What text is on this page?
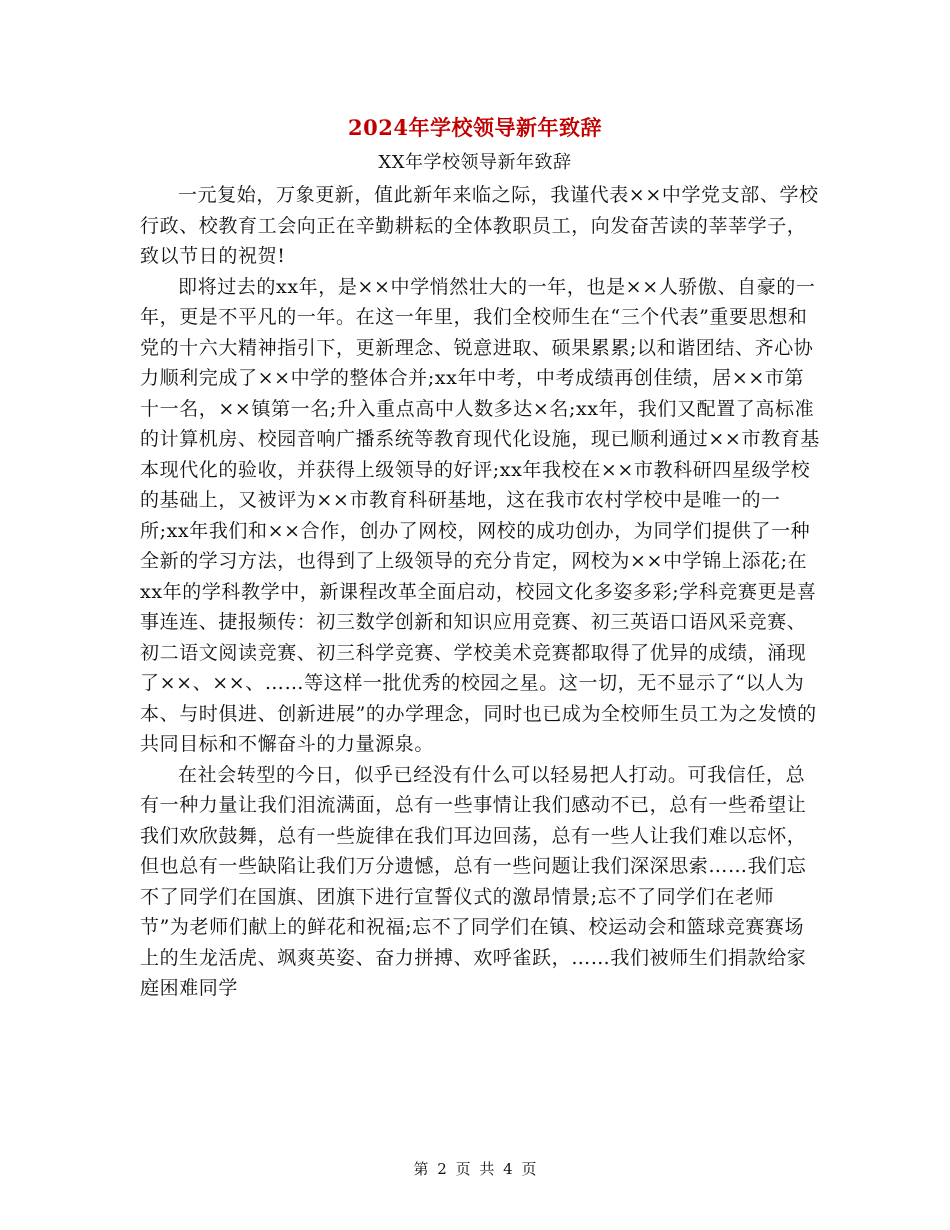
2024年学校领导新年致辞
XX年学校领导新年致辞

一元复始，万象更新，值此新年来临之际，我谨代表××中学党支部、学校行政、校教育工会向正在辛勤耕耘的全体教职员工，向发奋苦读的莘莘学子，致以节日的祝贺!

即将过去的xx年，是××中学悄然壮大的一年，也是××人骄傲、自豪的一年，更是不平凡的一年。在这一年里，我们全校师生在“三个代表”重要思想和党的十六大精神指引下，更新理念、锐意进取、硕果累累;以和谐团结、齐心协力顺利完成了××中学的整体合并;xx年中考，中考成绩再创佳绩，居××市第十一名，××镇第一名;升入重点高中人数多达×名;xx年，我们又配置了高标准的计算机房、校园音响广播系统等教育现代化设施，现已顺利通过××市教育基本现代化的验收，并获得上级领导的好评;xx年我校在××市教科研四星级学校的基础上，又被评为××市教育科研基地，这在我市农村学校中是唯一的一所;xx年我们和××合作，创办了网校，网校的成功创办，为同学们提供了一种全新的学习方法，也得到了上级领导的充分肯定，网校为××中学锦上添花;在xx年的学科教学中，新课程改革全面启动，校园文化多姿多彩;学科竞赛更是喜事连连、捷报频传：初三数学创新和知识应用竞赛、初三英语口语风采竞赛、初二语文阅读竞赛、初三科学竞赛、学校美术竞赛都取得了优异的成绩，涌现了××、××、……等这样一批优秀的校园之星。这一切，无不显示了“以人为本、与时俱进、创新进展”的办学理念，同时也已成为全校师生员工为之发愤的共同目标和不懈奋斗的力量源泉。

在社会转型的今日，似乎已经没有什么可以轻易把人打动。可我信任，总有一种力量让我们泪流满面，总有一些事情让我们感动不已，总有一些希望让我们欢欣鼓舞，总有一些旋律在我们耳边回荡，总有一些人让我们难以忘怀，但也总有一些缺陷让我们万分遗憾，总有一些问题让我们深深思索……我们忘不了同学们在国旗、团旗下进行宣誓仪式的激昂情景;忘不了同学们在老师节”为老师们献上的鲜花和祝福;忘不了同学们在镇、校运动会和篮球竞赛赛场上的生龙活虎、飒爽英姿、奋力拼搏、欢呼雀跃，……我们被师生们捐款给家庭困难同学

第 2 页 共 4 页
